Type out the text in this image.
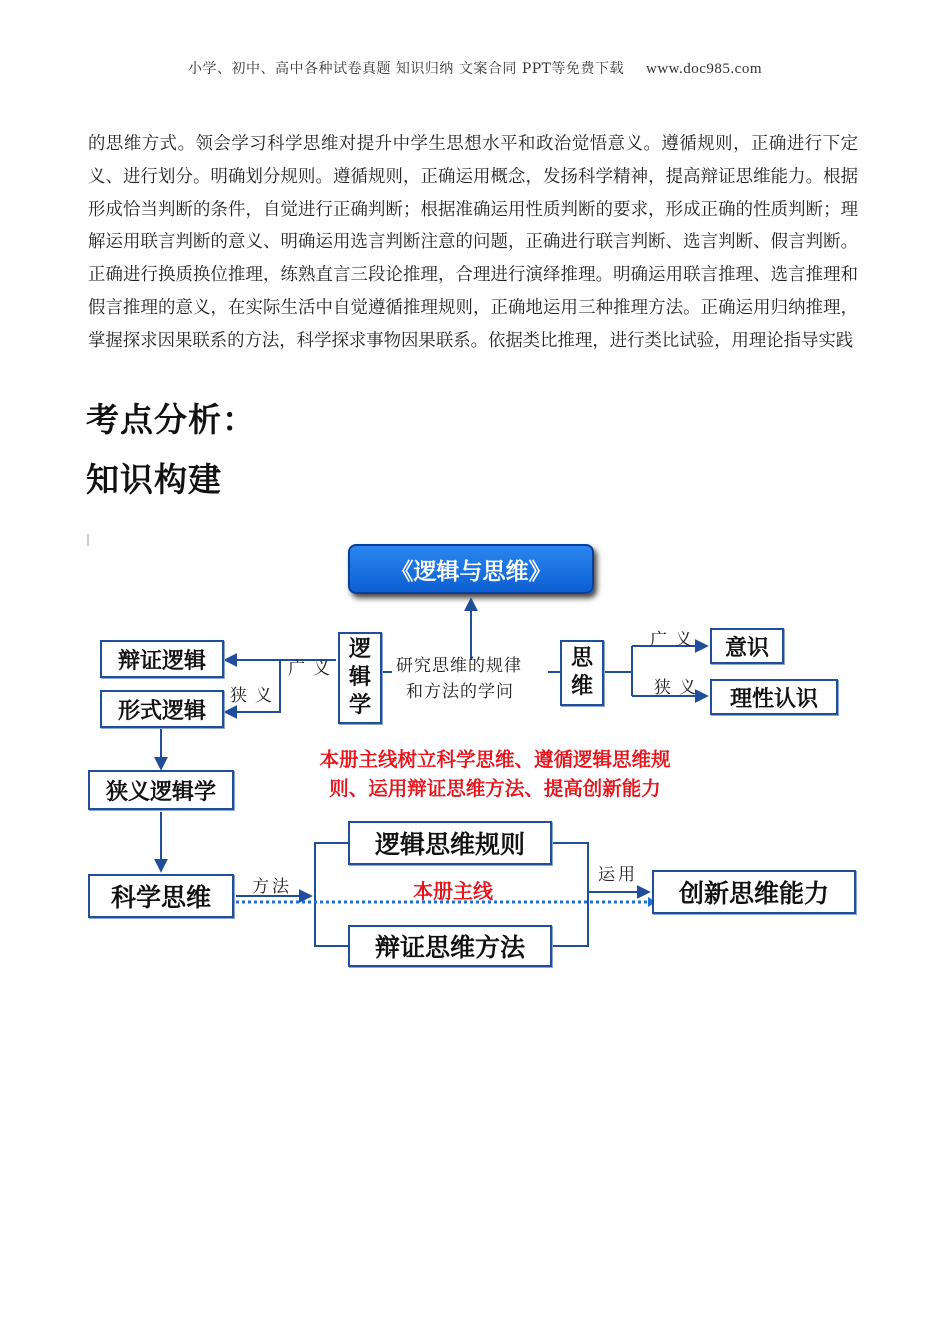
小学、初中、高中各种试卷真题 知识归纳 文案合同 PPT等免费下载 www.doc985.com
的思维方式。领会学习科学思维对提升中学生思想水平和政治觉悟意义。遵循规则，正确进行下定义、进行划分。明确划分规则。遵循规则，正确运用概念，发扬科学精神，提高辩证思维能力。根据形成恰当判断的条件，自觉进行正确判断；根据准确运用性质判断的要求，形成正确的性质判断；理解运用联言判断的意义、明确运用选言判断注意的问题，正确进行联言判断、选言判断、假言判断。正确进行换质换位推理，练熟直言三段论推理，合理进行演绎推理。明确运用联言推理、选言推理和假言推理的意义，在实际生活中自觉遵循推理规则，正确地运用三种推理方法。正确运用归纳推理，掌握探求因果联系的方法，科学探求事物因果联系。依据类比推理，进行类比试验，用理论指导实践
考点分析：
知识构建
《逻辑与思维》
辩证逻辑
形式逻辑
逻
辑
学
广义
狭义
研究思维的规律
和方法的学问
思
维
广义
狭义
意识
理性认识
狭义逻辑学
本册主线树立科学思维、遵循逻辑思维规
则、运用辩证思维方法、提高创新能力
科学思维	方法
逻辑思维规则
本册主线
辩证思维方法
运用
创新思维能力
